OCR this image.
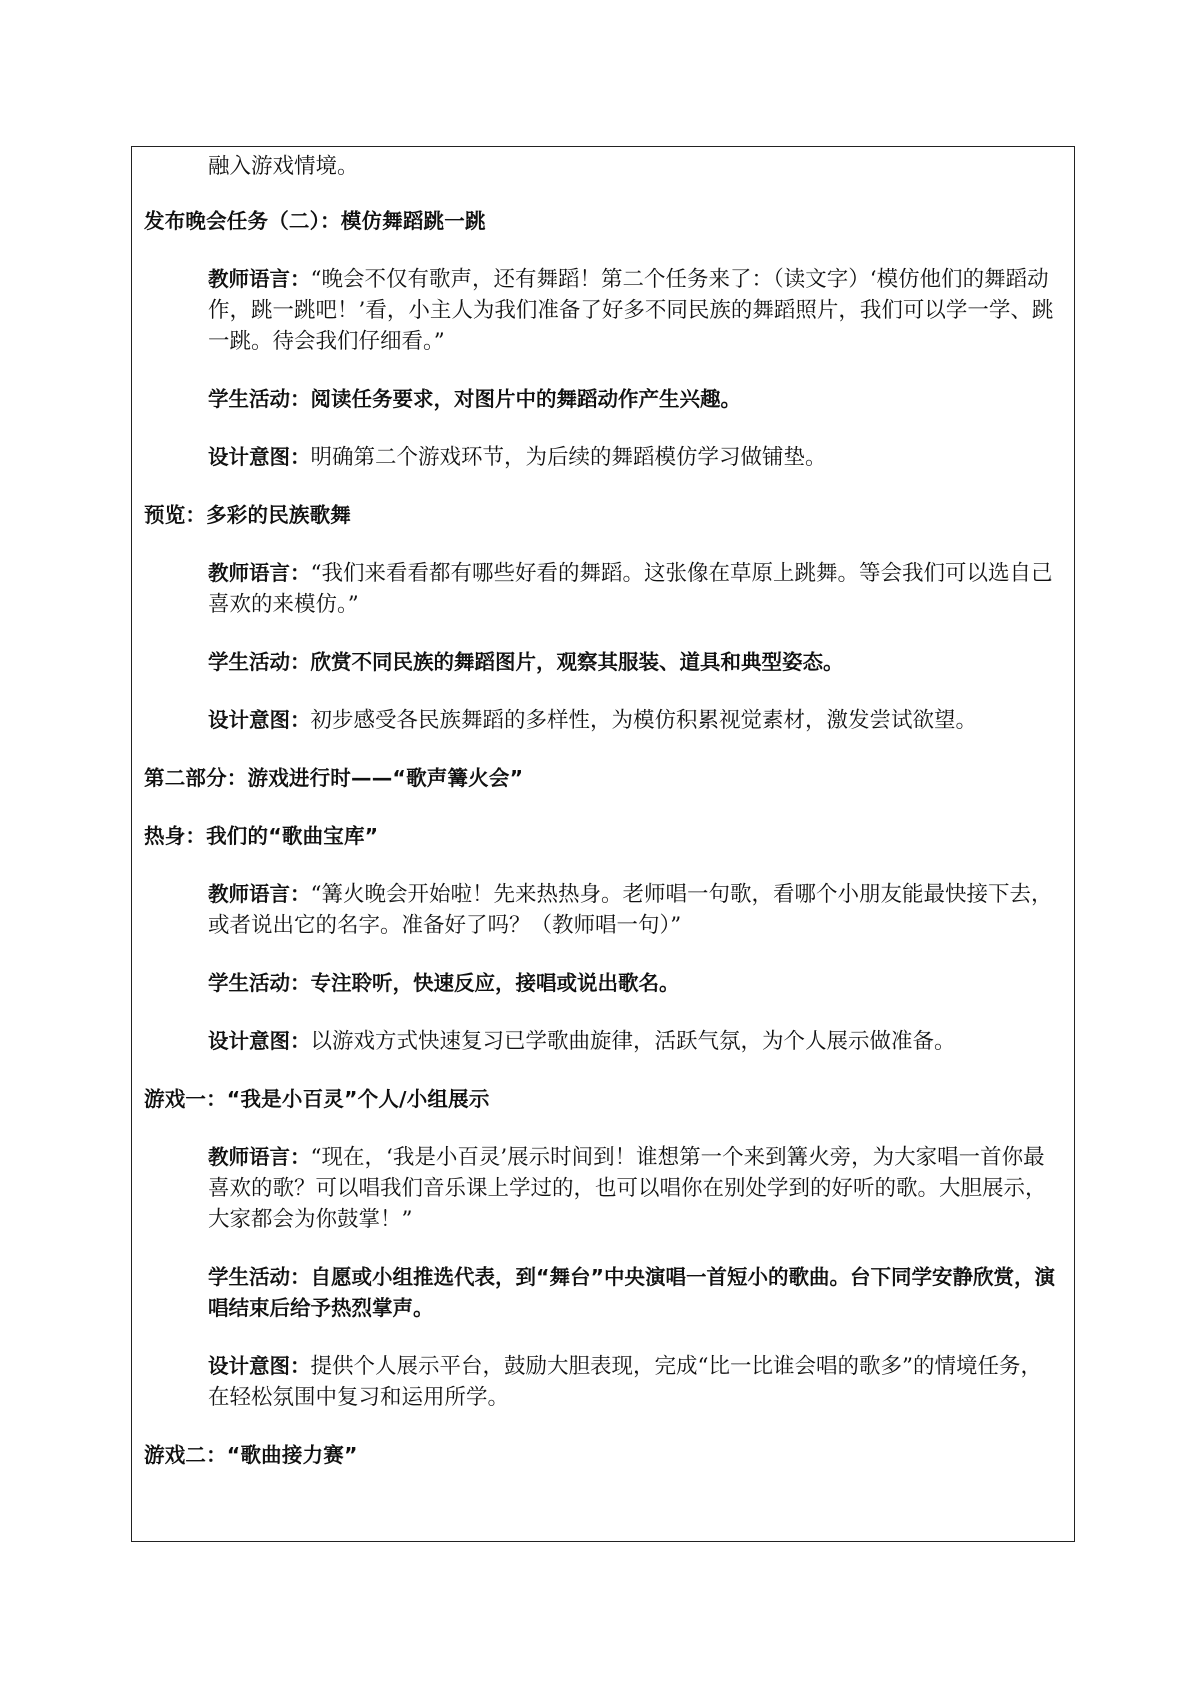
融入游戏情境。
发布晚会任务（二）：模仿舞蹈跳一跳
教师语言：“晚会不仅有歌声，还有舞蹈！第二个任务来了：（读文字）‘模仿他们的舞蹈动作，跳一跳吧！’看，小主人为我们准备了好多不同民族的舞蹈照片，我们可以学一学、跳一跳。待会我们仔细看。”
学生活动：阅读任务要求，对图片中的舞蹈动作产生兴趣。
设计意图：明确第二个游戏环节，为后续的舞蹈模仿学习做铺垫。
预览：多彩的民族歌舞
教师语言：“我们来看看都有哪些好看的舞蹈。这张像在草原上跳舞。等会我们可以选自己喜欢的来模仿。”
学生活动：欣赏不同民族的舞蹈图片，观察其服装、道具和典型姿态。
设计意图：初步感受各民族舞蹈的多样性，为模仿积累视觉素材，激发尝试欲望。
第二部分：游戏进行时——“歌声篝火会”
热身：我们的“歌曲宝库”
教师语言：“篝火晚会开始啦！先来热热身。老师唱一句歌，看哪个小朋友能最快接下去，或者说出它的名字。准备好了吗？（教师唱一句）”
学生活动：专注聆听，快速反应，接唱或说出歌名。
设计意图：以游戏方式快速复习已学歌曲旋律，活跃气氛，为个人展示做准备。
游戏一：“我是小百灵”个人/小组展示
教师语言：“现在，‘我是小百灵’展示时间到！谁想第一个来到篝火旁，为大家唱一首你最喜欢的歌？可以唱我们音乐课上学过的，也可以唱你在别处学到的好听的歌。大胆展示，大家都会为你鼓掌！”
学生活动：自愿或小组推选代表，到“舞台”中央演唱一首短小的歌曲。台下同学安静欣赏，演唱结束后给予热烈掌声。
设计意图：提供个人展示平台，鼓励大胆表现，完成“比一比谁会唱的歌多”的情境任务，在轻松氛围中复习和运用所学。
游戏二：“歌曲接力赛”
